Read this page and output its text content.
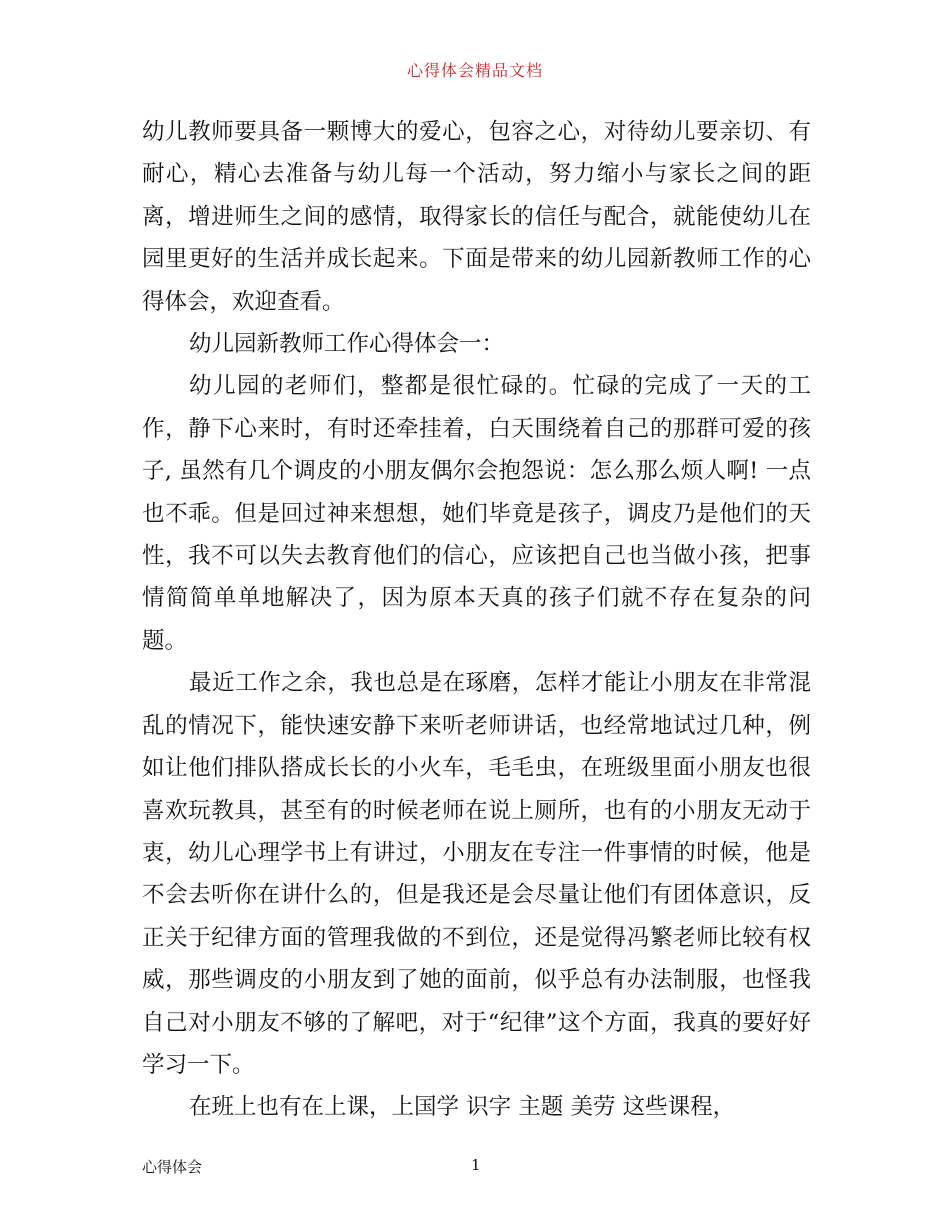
心得体会精品文档

幼儿教师要具备一颗博大的爱心，包容之心，对待幼儿要亲切、有耐心，精心去准备与幼儿每一个活动，努力缩小与家长之间的距离，增进师生之间的感情，取得家长的信任与配合，就能使幼儿在园里更好的生活并成长起来。下面是带来的幼儿园新教师工作的心得体会，欢迎查看。

幼儿园新教师工作心得体会一：

幼儿园的老师们，整都是很忙碌的。忙碌的完成了一天的工作，静下心来时，有时还牵挂着，白天围绕着自己的那群可爱的孩子, 虽然有几个调皮的小朋友偶尔会抱怨说：怎么那么烦人啊! 一点也不乖。但是回过神来想想，她们毕竟是孩子，调皮乃是他们的天性，我不可以失去教育他们的信心，应该把自己也当做小孩，把事情简简单单地解决了，因为原本天真的孩子们就不存在复杂的问题。

最近工作之余，我也总是在琢磨，怎样才能让小朋友在非常混乱的情况下，能快速安静下来听老师讲话，也经常地试过几种，例如让他们排队搭成长长的小火车，毛毛虫，在班级里面小朋友也很喜欢玩教具，甚至有的时候老师在说上厕所，也有的小朋友无动于衷，幼儿心理学书上有讲过，小朋友在专注一件事情的时候，他是不会去听你在讲什么的，但是我还是会尽量让他们有团体意识，反正关于纪律方面的管理我做的不到位，还是觉得冯繁老师比较有权威，那些调皮的小朋友到了她的面前，似乎总有办法制服，也怪我自己对小朋友不够的了解吧，对于“纪律”这个方面，我真的要好好学习一下。

在班上也有在上课，上国学 识字 主题 美劳 这些课程，

心得体会	1
